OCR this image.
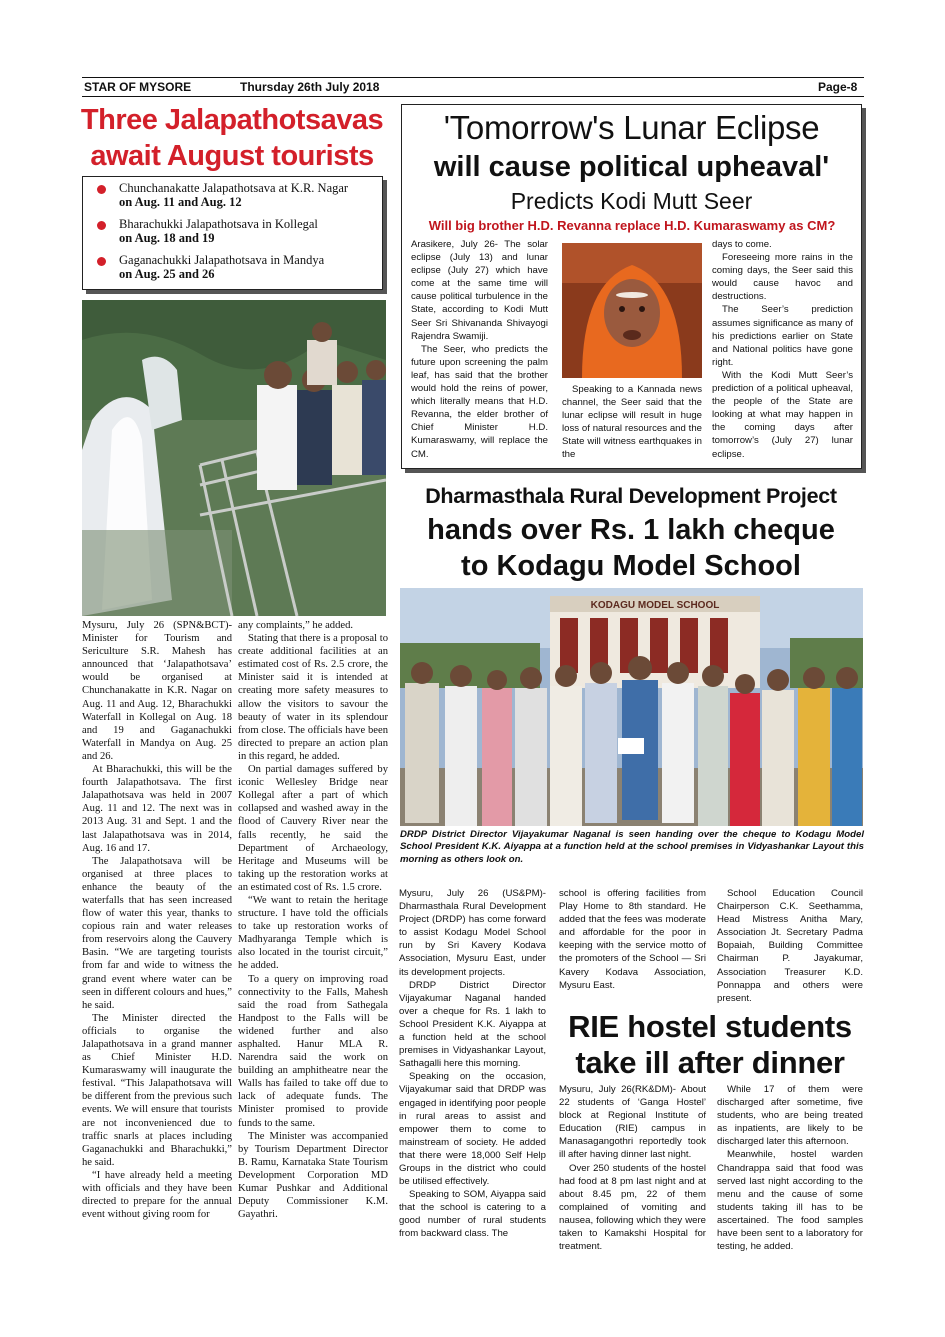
STAR OF MYSORE	Thursday 26th July 2018	Page-8
Three Jalapathotsavas
await August tourists
Chunchanakatte Jalapathotsava at K.R. Nagar
on Aug. 11 and Aug. 12
Bharachukki Jalapathotsava in Kollegal
on Aug. 18 and 19
Gaganachukki Jalapathotsava in Mandya
on Aug. 25 and 26

Mysuru, July 26 (SPN&BCT)- Minister for Tourism and Sericulture S.R. Mahesh has announced that ‘Jalapathotsava’ would be organised at Chunchanakatte in K.R. Nagar on Aug. 11 and Aug. 12, Bharachukki Waterfall in Kollegal on Aug. 18 and 19 and Gaganachukki Waterfall in Mandya on Aug. 25 and 26.

At Bharachukki, this will be the fourth Jalapathotsava. The first Jalapathotsava was held in 2007 Aug. 11 and 12. The next was in 2013 Aug. 31 and Sept. 1 and the last Jalapathotsava was in 2014, Aug. 16 and 17.

The Jalapathotsava will be organised at three places to enhance the beauty of the waterfalls that has seen increased flow of water this year, thanks to copious rain and water releases from reservoirs along the Cauvery Basin. “We are targeting tourists from far and wide to witness the grand event where water can be seen in different colours and hues,” he said.

The Minister directed the officials to organise the Jalapathotsava in a grand manner as Chief Minister H.D. Kumaraswamy will inaugurate the festival. “This Jalapathotsava will be different from the previous such events. We will ensure that tourists are not inconvenienced due to traffic snarls at places including Gaganachukki and Bharachukki,” he said.

“I have already held a meeting with officials and they have been directed to prepare for the annual event without giving room for

any complaints,” he added.

Stating that there is a proposal to create additional facilities at an estimated cost of Rs. 2.5 crore, the Minister said it is intended at creating more safety measures to allow the visitors to savour the beauty of water in its splendour from close. The officials have been directed to prepare an action plan in this regard, he added.

On partial damages suffered by iconic Wellesley Bridge near Kollegal after a part of which collapsed and washed away in the flood of Cauvery River near the falls recently, he said the Department of Archaeology, Heritage and Museums will be taking up the restoration works at an estimated cost of Rs. 1.5 crore.

“We want to retain the heritage structure. I have told the officials to take up restoration works of Madhyaranga Temple which is also located in the tourist circuit,” he added.

To a query on improving road connectivity to the Falls, Mahesh said the road from Sathegala Handpost to the Falls will be widened further and also asphalted. Hanur MLA R. Narendra said the work on building an amphitheatre near the Walls has failed to take off due to lack of adequate funds. The Minister promised to provide funds to the same.

The Minister was accompanied by Tourism Department Director B. Ramu, Karnataka State Tourism Development Corporation MD Kumar Pushkar and Additional Deputy Commissioner K.M. Gayathri.

'Tomorrow's Lunar Eclipse
will cause political upheaval'
Predicts Kodi Mutt Seer
Will big brother H.D. Revanna replace H.D. Kumaraswamy as CM?

Arasikere, July 26- The solar eclipse (July 13) and lunar eclipse (July 27) which have come at the same time will cause political turbulence in the State, according to Kodi Mutt Seer Sri Shivananda Shivayogi Rajendra Swamiji.

The Seer, who predicts the future upon screening the palm leaf, has said that the brother would hold the reins of power, which literally means that H.D. Revanna, the elder brother of Chief Minister H.D. Kumaraswamy, will replace the CM.

Speaking to a Kannada news channel, the Seer said that the lunar eclipse will result in huge loss of natural resources and the State will witness earthquakes in the

days to come.

Foreseeing more rains in the coming days, the Seer said this would cause havoc and destructions.

The Seer’s prediction assumes significance as many of his predictions earlier on State and National politics have gone right.

With the Kodi Mutt Seer’s prediction of a political upheaval, the people of the State are looking at what may happen in the coming days after tomorrow’s (July 27) lunar eclipse.

Dharmasthala Rural Development Project
hands over Rs. 1 lakh cheque
to Kodagu Model School
KODAGU MODEL SCHOOL
DRDP District Director Vijayakumar Naganal is seen handing over the cheque to Kodagu Model School President K.K. Aiyappa at a function held at the school premises in Vidyashankar Layout this morning as others look on.

Mysuru, July 26 (US&PM)- Dharmasthala Rural Development Project (DRDP) has come forward to assist Kodagu Model School run by Sri Kavery Kodava Association, Mysuru East, under its development projects.

DRDP District Director Vijayakumar Naganal handed over a cheque for Rs. 1 lakh to School President K.K. Aiyappa at a function held at the school premises in Vidyashankar Layout, Sathagalli here this morning.

Speaking on the occasion, Vijayakumar said that DRDP was engaged in identifying poor people in rural areas to assist and empower them to come to mainstream of society. He added that there were 18,000 Self Help Groups in the district who could be utilised effectively.

Speaking to SOM, Aiyappa said that the school is catering to a good number of rural students from backward class. The

school is offering facilities from Play Home to 8th standard. He added that the fees was moderate and affordable for the poor in keeping with the service motto of the promoters of the School — Sri Kavery Kodava Association, Mysuru East.

School Education Council Chairperson C.K. Seethamma, Head Mistress Anitha Mary, Association Jt. Secretary Padma Bopaiah, Building Committee Chairman P. Jayakumar, Association Treasurer K.D. Ponnappa and others were present.

RIE hostel students
take ill after dinner

Mysuru, July 26(RK&DM)- About 22 students of ‘Ganga Hostel’ block at Regional Institute of Education (RIE) campus in Manasagangothri reportedly took ill after having dinner last night.

Over 250 students of the hostel had food at 8 pm last night and at about 8.45 pm, 22 of them complained of vomiting and nausea, following which they were taken to Kamakshi Hospital for treatment.

While 17 of them were discharged after sometime, five students, who are being treated as inpatients, are likely to be discharged later this afternoon.

Meanwhile, hostel warden Chandrappa said that food was served last night according to the menu and the cause of some students taking ill has to be ascertained. The food samples have been sent to a laboratory for testing, he added.
